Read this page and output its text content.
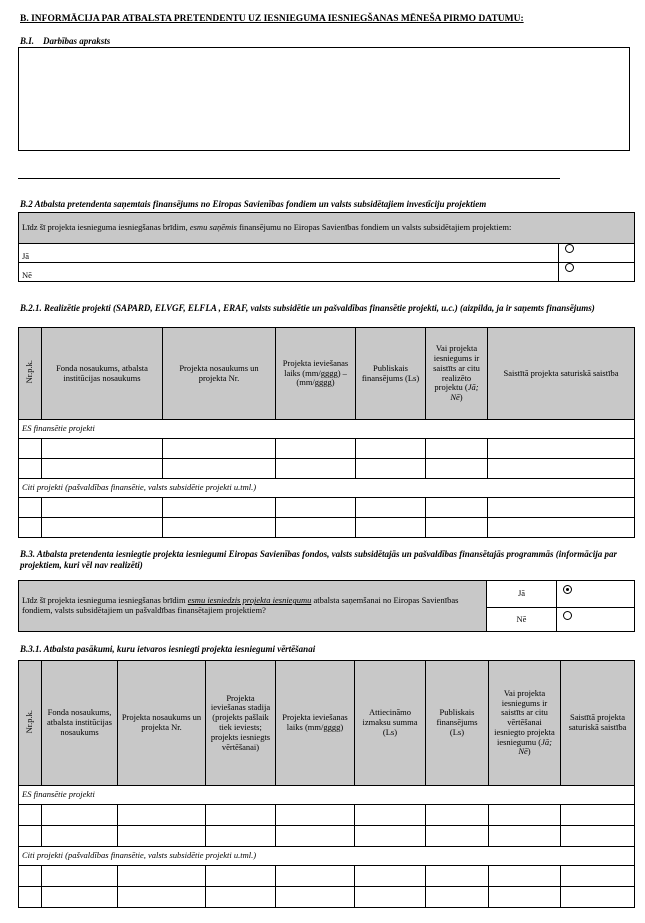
B. INFORMĀCIJA PAR ATBALSTA PRETENDENTU UZ IESNIEGUMA IESNIEGŠANAS MĒNEŠA PIRMO DATUMU:
B.I. Darbības apraksts
B.2 Atbalsta pretendenta saņemtais finansējums no Eiropas Savienības fondiem un valsts subsidētajiem investīciju projektiem
Līdz šī projekta iesnieguma iesniegšanas brīdim, esmu saņēmis finansējumu no Eiropas Savienības fondiem un valsts subsidētajiem projektiem:	
Jā	
Nē	
B.2.1. Realizētie projekti (SAPARD, ELVGF, ELFLA , ERAF, valsts subsidētie un pašvaldības finansētie projekti, u.c.) (aizpilda, ja ir saņemts finansējums)
Nr.p.k.	Fonda nosaukums, atbalsta institūcijas nosaukums	Projekta nosaukums un projekta Nr.	Projekta ieviešanas laiks (mm/gggg) – (mm/gggg)	Publiskais finansējums (Ls)	Vai projekta iesniegums ir saistīts ar citu realizēto projektu (Jā; Nē)	Saistītā projekta saturiskā saistība
ES finansētie projekti						

Citi projekti (pašvaldības finansētie, valsts subsidētie projekti u.tml.)						

B.3. Atbalsta pretendenta iesniegtie projekta iesniegumi Eiropas Savienības fondos, valsts subsidētajās un pašvaldības finansētajās programmās (informācija par projektiem, kuri vēl nav realizēti)
Līdz šī projekta iesnieguma iesniegšanas brīdim esmu iesniedzis projekta iesniegumu atbalsta saņemšanai no Eiropas Savienības fondiem, valsts subsidētajiem un pašvaldības finansētajiem projektiem?	Jā	
	Nē	
B.3.1. Atbalsta pasākumi, kuru ietvaros iesniegti projekta iesniegumi vērtēšanai
Nr.p.k.	Fonda nosaukums, atbalsta institūcijas nosaukums	Projekta nosaukums un projekta Nr.	Projekta ieviešanas stadija (projekts pašlaik tiek ieviests; projekts iesniegts vērtēšanai)	Projekta ieviešanas laiks (mm/gggg)	Attiecināmo izmaksu summa (Ls)	Publiskais finansējums (Ls)	Vai projekta iesniegums ir saistīts ar citu vērtēšanai iesniegto projekta iesniegumu (Jā; Nē)	Saistītā projekta saturiskā saistība
ES finansētie projekti								

Citi projekti (pašvaldības finansētie, valsts subsidētie projekti u.tml.)								
